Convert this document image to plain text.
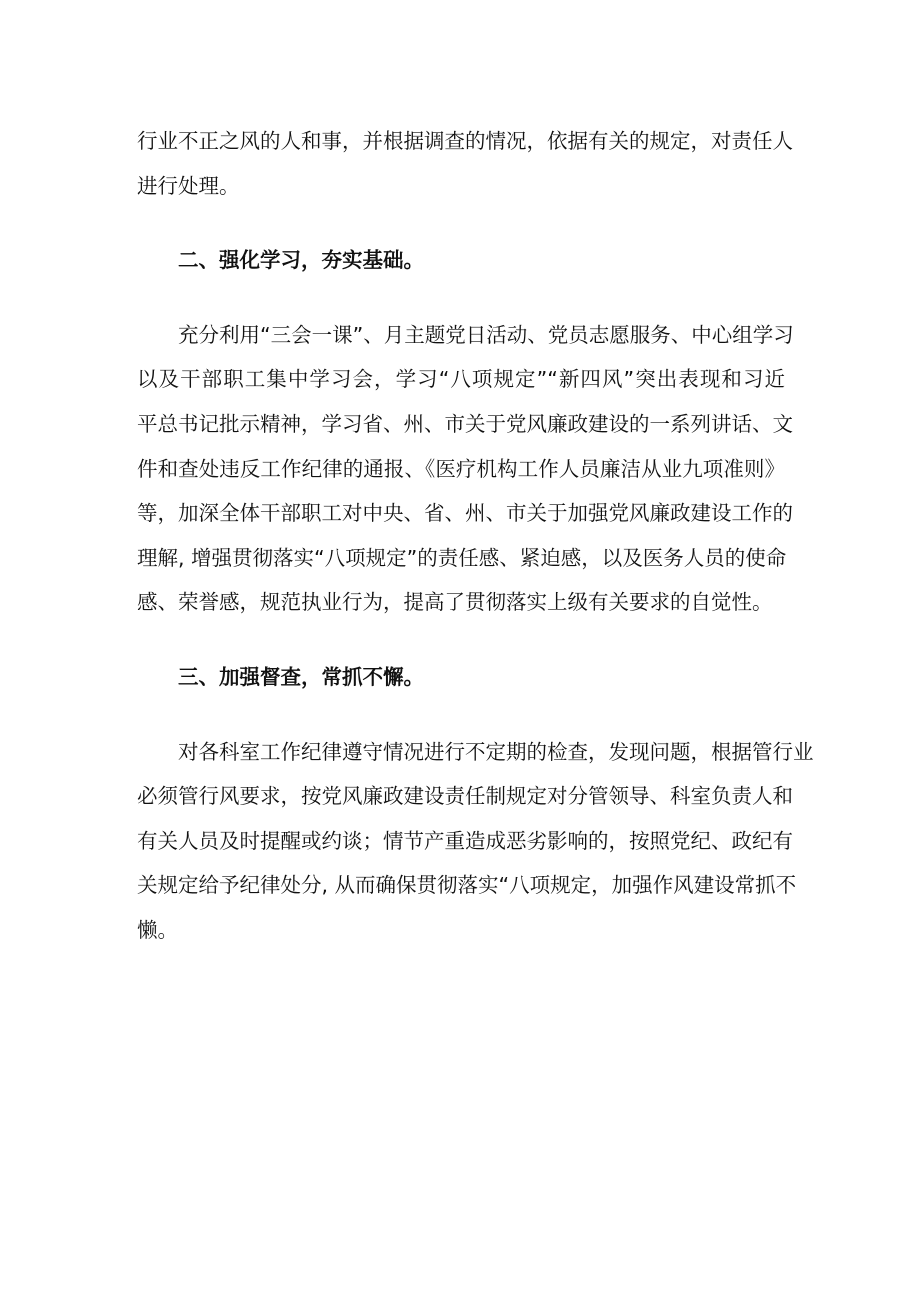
行业不正之风的人和事，并根据调查的情况，依据有关的规定，对责任人
进行处理。
二、强化学习，夯实基础。
充分利用“三会一课”、月主题党日活动、党员志愿服务、中心组学习
以及干部职工集中学习会，学习“八项规定”“新四风”突出表现和习近
平总书记批示精神，学习省、州、市关于党风廉政建设的一系列讲话、文
件和查处违反工作纪律的通报、《医疗机构工作人员廉洁从业九项准则》
等，加深全体干部职工对中央、省、州、市关于加强党风廉政建设工作的
理解, 增强贯彻落实“八项规定”的责任感、紧迫感，以及医务人员的使命
感、荣誉感，规范执业行为，提高了贯彻落实上级有关要求的自觉性。
三、加强督查，常抓不懈。
对各科室工作纪律遵守情况进行不定期的检查，发现问题，根据管行业
必须管行风要求，按党风廉政建设责任制规定对分管领导、科室负责人和
有关人员及时提醒或约谈；情节产重造成恶劣影响的，按照党纪、政纪有
关规定给予纪律处分, 从而确保贯彻落实“八项规定，加强作风建设常抓不
懒。
